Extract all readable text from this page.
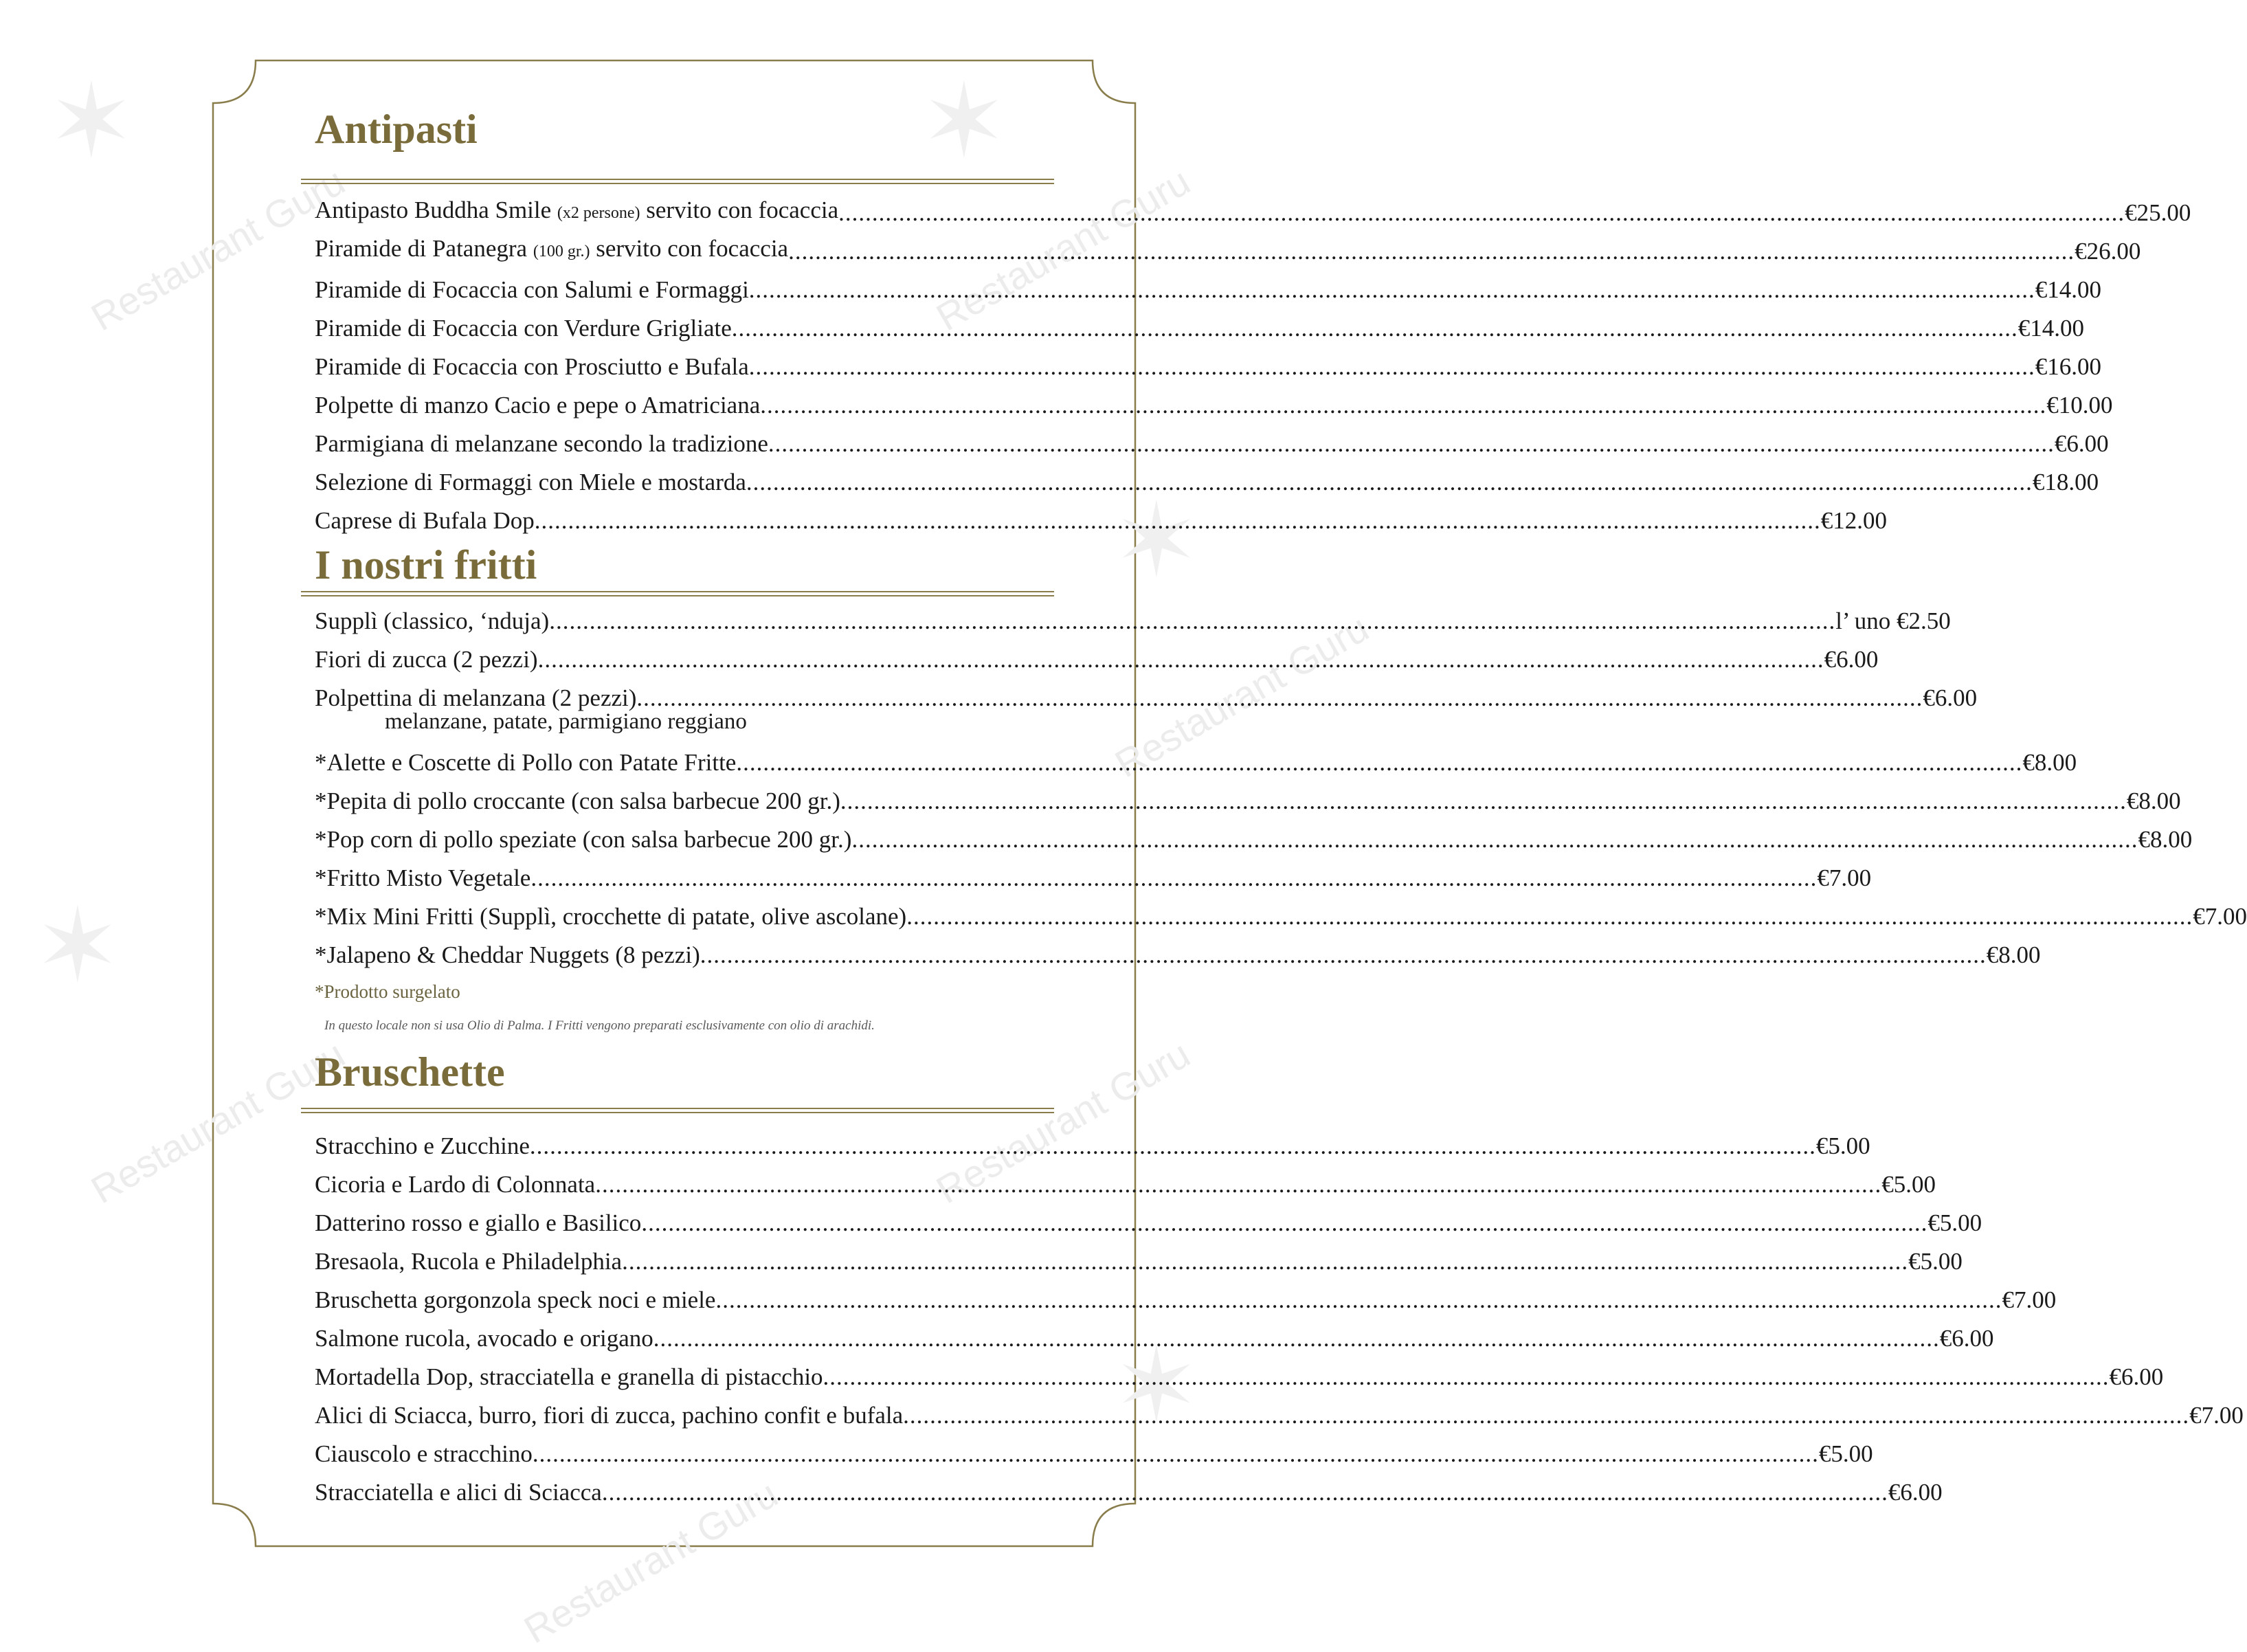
✶	✶
✶
✶
✶
Restaurant Guru	Restaurant Guru
Restaurant Guru
Restaurant Guru	Restaurant Guru
Restaurant Guru
Antipasti
Antipasto Buddha Smile (x2 persone) servito con focaccia .....	€25.00
Piramide di Patanegra (100 gr.) servito con focaccia .....	€26.00
Piramide di Focaccia con Salumi e Formaggi .....	€14.00
Piramide di Focaccia con Verdure Grigliate .....	€14.00
Piramide di Focaccia con Prosciutto e Bufala .....	€16.00
Polpette di manzo Cacio e pepe o Amatriciana .....	€10.00
Parmigiana di melanzane secondo la tradizione .....	€6.00
Selezione di Formaggi con Miele e mostarda .....	€18.00
Caprese di Bufala Dop .....	€12.00
I nostri fritti
Supplì (classico, ‘nduja) .....	l’ uno €2.50
Fiori di zucca (2 pezzi) .....	€6.00
Polpettina di melanzana (2 pezzi) .....	€6.00
melanzane, patate, parmigiano reggiano
*Alette e Coscette di Pollo con Patate Fritte .....	€8.00
*Pepita di pollo croccante (con salsa barbecue 200 gr.) .....	€8.00
*Pop corn di pollo speziate (con salsa barbecue 200 gr.) .....	€8.00
*Fritto Misto Vegetale .....	€7.00
*Mix Mini Fritti (Supplì, crocchette di patate, olive ascolane) .....	€7.00
*Jalapeno & Cheddar Nuggets (8 pezzi) .....	€8.00
*Prodotto surgelato
In questo locale non si usa Olio di Palma. I Fritti vengono preparati esclusivamente con olio di arachidi.
Bruschette
Stracchino e Zucchine .....	€5.00
Cicoria e Lardo di Colonnata .....	€5.00
Datterino rosso e giallo e Basilico .....	€5.00
Bresaola, Rucola e Philadelphia .....	€5.00
Bruschetta gorgonzola speck noci e miele .....	€7.00
Salmone rucola, avocado e origano .....	€6.00
Mortadella Dop, stracciatella e granella di pistacchio .....	€6.00
Alici di Sciacca, burro, fiori di zucca, pachino confit e bufala .....	€7.00
Ciauscolo e stracchino .....	€5.00
Stracciatella e alici di Sciacca .....	€6.00
